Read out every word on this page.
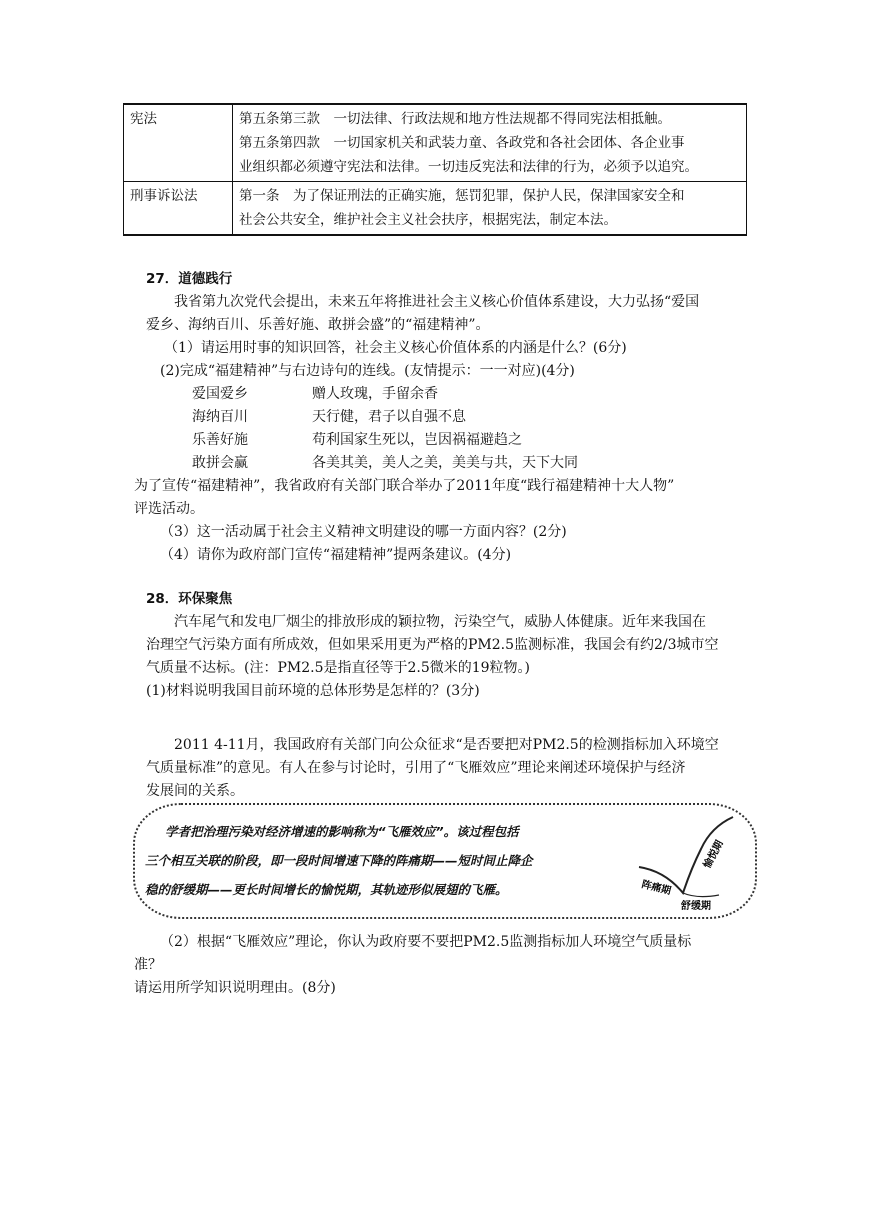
宪法	第五条第三款　一切法律、行政法规和地方性法规都不得同宪法相抵触。
第五条第四款　一切国家机关和武装力童、各政党和各社会团体、各企业事
业组织都必须遵守宪法和法律。一切违反宪法和法律的行为，必须予以追究。

刑事诉讼法	第一条　为了保证刑法的正确实施，惩罚犯罪，保护人民，保津国家安全和
社会公共安全，维护社会主义社会扶序，根据宪法，制定本法。
27．道德践行
我省第九次党代会提出，未来五年将推进社会主义核心价值体系建设，大力弘扬“爱国
爱乡、海纳百川、乐善好施、敢拼会盛”的“福建精神”。
（1）请运用时事的知识回答，社会主义核心价值体系的内涵是什么？(6分)
(2)完成“福建精神”与右边诗句的连线。(友情提示：一一对应)(4分)
爱国爱乡	赠人玫瑰，手留余香
海纳百川	天行健，君子以自强不息
乐善好施	苟利国家生死以，岂因祸福避趋之
敢拼会赢	各美其美，美人之美，美美与共，天下大同
为了宣传“福建精神”，我省政府有关部门联合举办了2011年度“践行福建精神十大人物”
评选活动。
（3）这一活动属于社会主义精神文明建设的哪一方面内容？(2分)
（4）请你为政府部门宣传“福建精神”提两条建议。(4分)
28．环保聚焦
汽车尾气和发电厂烟尘的排放形成的颖拉物，污染空气，威胁人体健康。近年来我国在
治理空气污染方面有所成效，但如果采用更为严格的PM2.5监测标准，我国会有约2/3城市空
气质量不达标。(注：PM2.5是指直径等于2.5微米的19粒物。)
(1)材料说明我国目前环境的总体形势是怎样的？(3分)
2011 4-11月，我国政府有关部门向公众征求“是否要把对PM2.5的检测指标加入环境空
气质量标准”的意见。有人在参与讨论时，引用了“飞雁效应”理论来阐述环境保护与经济
发展间的关系。
学者把治理污染对经济增速的影响称为“飞雁效应”。该过程包括
三个相互关联的阶段，即一段时间增速下降的阵痛期——短时间止降企
稳的舒缓期——更长时间增长的愉悦期，其轨迹形似展翅的飞雁。	阵痛期
舒缓期
愉悦期
（2）根据“飞雁效应”理论，你认为政府要不要把PM2.5监测指标加人环境空气质量标
准？
请运用所学知识说明理由。(8分)
